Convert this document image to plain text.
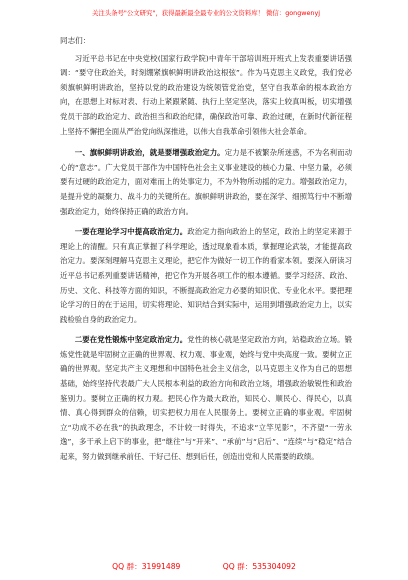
关注头条号"公文研究"，获得最新最全最专业的公文资料库！ 微信：gongwenyj
同志们：

习近平总书记在中央党校(国家行政学院)中青年干部培训班开班式上发表重要讲话强调：“要守住政治关，时刻绷紧旗帜鲜明讲政治这根弦”。作为马克思主义政党，我们党必须旗帜鲜明讲政治，坚持以党的政治建设为统领管党治党，坚守自我革命的根本政治方向，在思想上对标对表、行动上紧跟紧随、执行上坚定坚决，落实上较真叫板，切实增强党员干部的政治定力、政治担当和政治纪律，确保政治可靠、政治过硬，在新时代新征程上坚持不懈把全面从严治党向纵深推进，以伟大自我革命引领伟大社会革命。

一、旗帜鲜明讲政治，就是要增强政治定力。定力是不被繁杂所迷惑，不为名利而动心的“意志”。广大党员干部作为中国特色社会主义事业建设的核心力量、中坚力量，必须要有过硬的政治定力，面对难而上的处事定力，不为外物所动摇的定力。增强政治定力，是提升党的凝聚力、战斗力的关键所在。旗帜鲜明讲政治，要在深学、细照笃行中不断增强政治定力，始终保持正确的政治方向。

一要在理论学习中提高政治定力。政治定力指向政治上的坚定，政治上的坚定来源于理论上的清醒。只有真正掌握了科学理论，透过现象看本质，掌握理论武装，才能提高政治定力。要深刻理解马克思主义理论，把它作为做好一切工作的看家本领。要深入研读习近平总书记系列重要讲话精神，把它作为开展各项工作的根本遵循。要学习经济、政治、历史、文化、科技等方面的知识，不断提高政治定力必要的知识优、专业化水平。要把理论学习的日的在于运用，切实将理论、知识结合到实际中，运用到增强政治定力上，以实践检验自身的政治定力。

二要在党性锻炼中坚定政治定力。党性的核心就是坚定政治方向，站稳政治立场。锻炼党性就是牢固树立正确的世界观、权力观、事业观，始终与党中央高度一致。要树立正确的世界观。坚定共产主义理想和中国特色社会主义信念，以马克思主义作为自己的思想基础，始终坚持代表最广大人民根本利益的政治方向和政治立场，增强政治敏锐性和政治鉴别力。要树立正确的权力观。把民心作为最大政治，知民心、顺民心、得民心，以真情、真心得到群众的信赖，切实把权力用在人民服务上。要树立正确的事业观。牢固树立“功成不必在我”的执政理念，不计较一时得失，不追求“立竿见影”，不齐望“一劳永逸”，多干承上启下的事业，把“继往”与“开来”、“承前”与“启后”、“连续”与“稳定”结合起来，努力做到继承前任、干好己任、想到后任，创造出党和人民需要的政绩。

QQ 群：31991489	QQ 群：535304092
